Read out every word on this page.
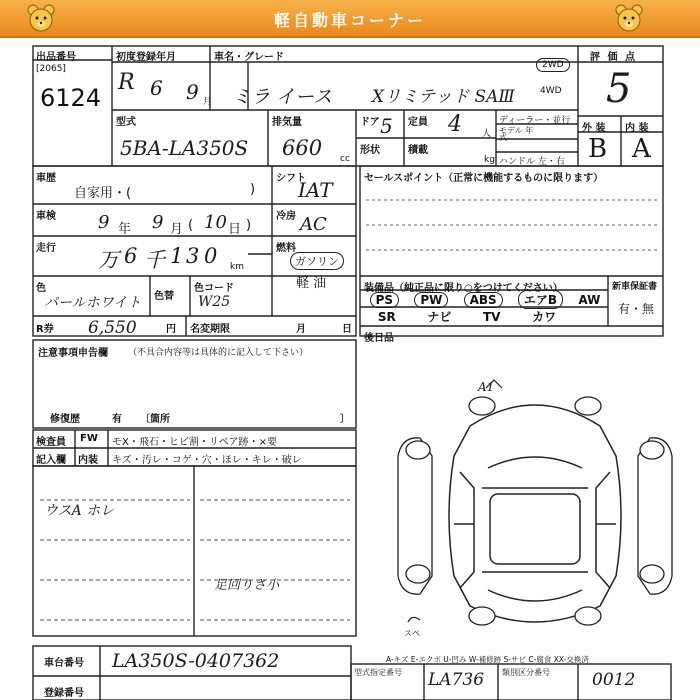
軽自動車コーナー
出品番号
[2065]
6124
初度登録年月
R 6 9 月
車名・グレード
ミラ イース Xリミテッド SAⅢ
2WD
4WD
評 価 点
5
外 装 内 装
B A
型式
5BA-LA350S
排気量
660 cc
ドア 5 定員 4 人
形状	積載
kg
ディーラー・並行
モデル 年式
ハンドル 左・右
車歴
自家用・(	)
シフト
IAT
車検 9 年 9 月 ( 10 日 )
冷房 AC
走行 万 6 千 1 3 0 km
燃料
ガソリン
軽 油
色
パールホワイト 色替
色コード
W25
R券 6,550	円 名変期限	月	日
セールスポイント（正常に機能するものに限ります）
装備品（純正品に限り○をつけてください）	新車保証書
有・無
後日品
PS	PW	ABS	エアB	AW
SR	ナビ	TV	カワ
注意事項申告欄 （不具合内容等は具体的に記入して下さい）
修復歴	有 〔箇所	〕
検査員 FW モX・飛石・ヒビ割・リペア跡・×要
記入欄 内装 キズ・汚レ・コゲ・穴・ほレ・キレ・破レ
ウスA ホレ
足回りさ小
A1
スペ
A-キズ E-エクボ U-凹み W-補修跡 S-サビ C-腐食 XX-交換済
車台番号 LA350S-0407362
登録番号
型式指定番号 LA736 類別区分番号 0012
